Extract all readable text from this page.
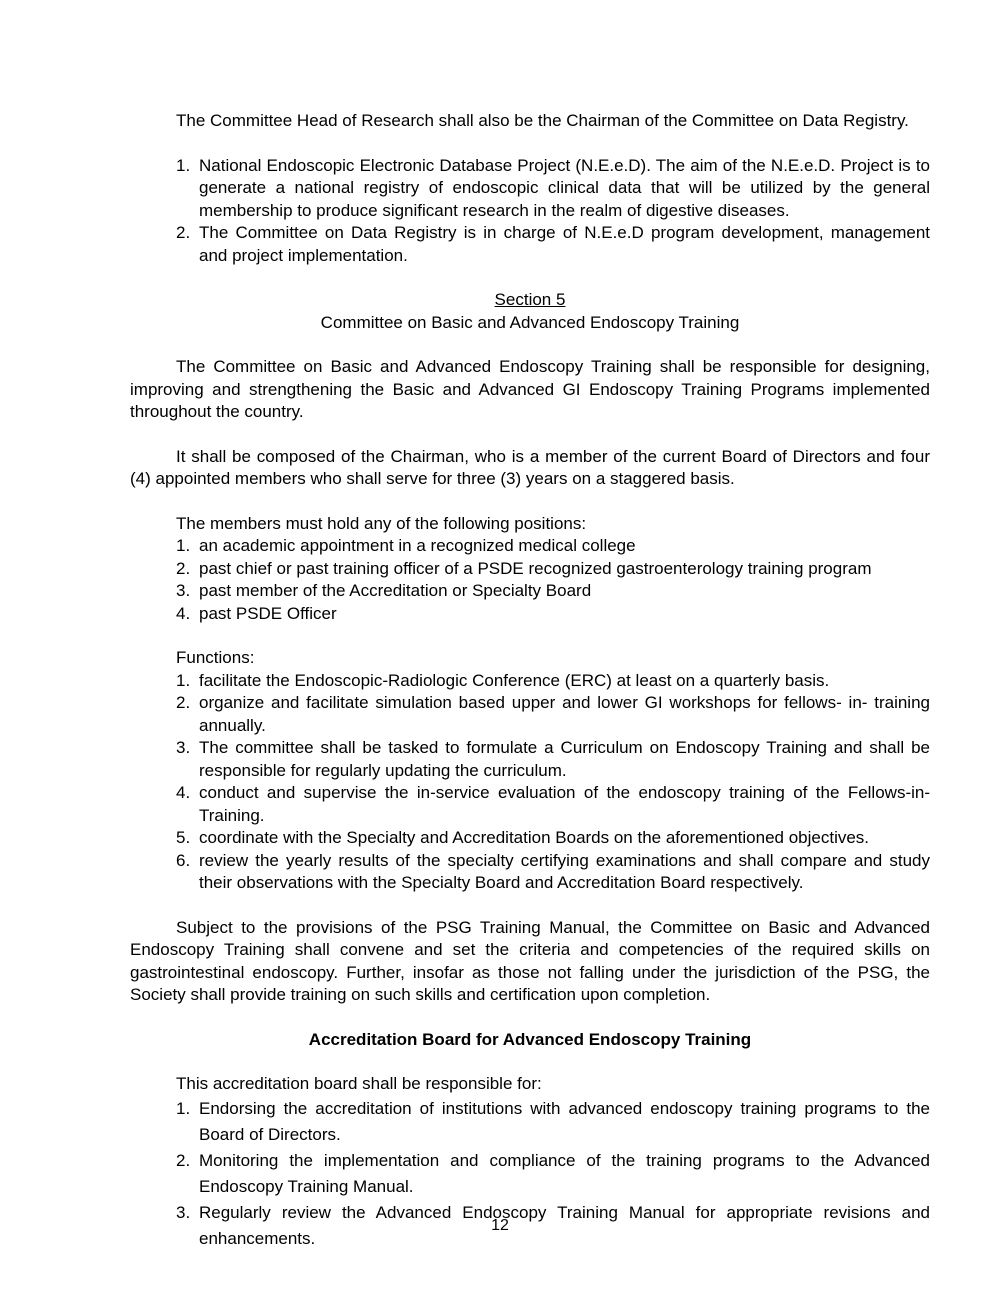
The Committee Head of Research shall also be the Chairman of the Committee on Data Registry.

1. National Endoscopic Electronic Database Project (N.E.e.D). The aim of the N.E.e.D. Project is to generate a national registry of endoscopic clinical data that will be utilized by the general membership to produce significant research in the realm of digestive diseases.
2. The Committee on Data Registry is in charge of N.E.e.D program development, management and project implementation.

Section 5

Committee on Basic and Advanced Endoscopy Training

The Committee on Basic and Advanced Endoscopy Training shall be responsible for designing, improving and strengthening the Basic and Advanced GI Endoscopy Training Programs implemented throughout the country.

It shall be composed of the Chairman, who is a member of the current Board of Directors and four (4) appointed members who shall serve for three (3) years on a staggered basis.

The members must hold any of the following positions:

1. an academic appointment in a recognized medical college
2. past chief or past training officer of a PSDE recognized gastroenterology training program
3. past member of the Accreditation or Specialty Board
4. past PSDE Officer

Functions:

1. facilitate the Endoscopic-Radiologic Conference (ERC) at least on a quarterly basis.
2. organize and facilitate simulation based upper and lower GI workshops for fellows- in- training annually.
3. The committee shall be tasked to formulate a Curriculum on Endoscopy Training and shall be responsible for regularly updating the curriculum.
4. conduct and supervise the in-service evaluation of the endoscopy training of the Fellows-in-Training.
5. coordinate with the Specialty and Accreditation Boards on the aforementioned objectives.
6. review the yearly results of the specialty certifying examinations and shall compare and study their observations with the Specialty Board and Accreditation Board respectively.

Subject to the provisions of the PSG Training Manual, the Committee on Basic and Advanced Endoscopy Training shall convene and set the criteria and competencies of the required skills on gastrointestinal endoscopy. Further, insofar as those not falling under the jurisdiction of the PSG, the Society shall provide training on such skills and certification upon completion.

Accreditation Board for Advanced Endoscopy Training

This accreditation board shall be responsible for:

1. Endorsing the accreditation of institutions with advanced endoscopy training programs to the Board of Directors.
2. Monitoring the implementation and compliance of the training programs to the Advanced Endoscopy Training Manual.
3. Regularly review the Advanced Endoscopy Training Manual for appropriate revisions and enhancements.
12
